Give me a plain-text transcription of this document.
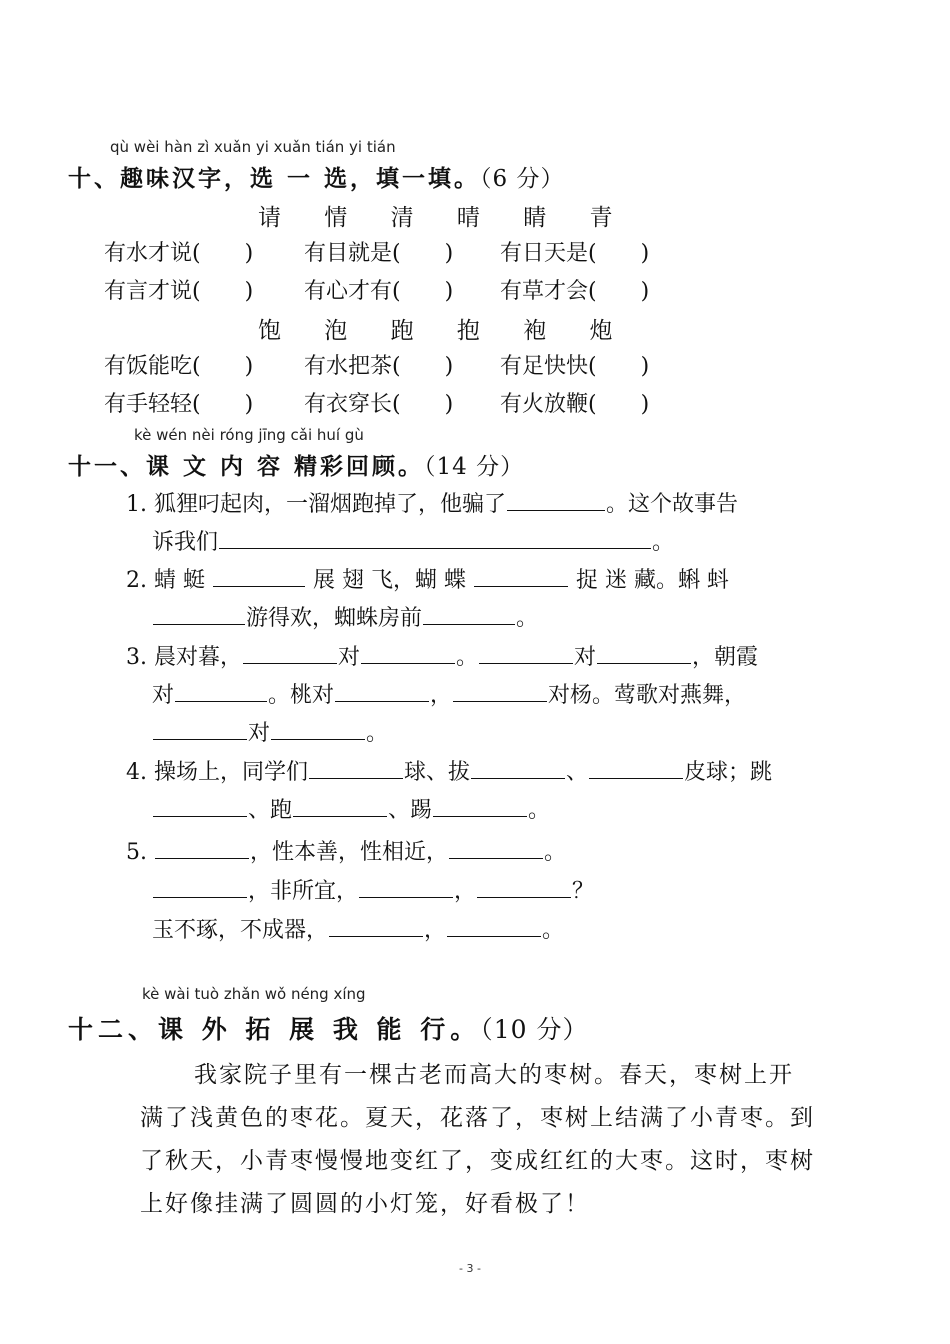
qù wèi hàn zì xuǎn yi xuǎn tián yi tián
十、趣味汉字，选 一 选，填一填。（6 分）
请 情 清 晴 睛 青
有水才说(　　) 有目就是(　　) 有日天是(　　)
有言才说(　　) 有心才有(　　) 有草才会(　　)
饱 泡 跑 抱 袍 炮
有饭能吃(　　) 有水把茶(　　) 有足快快(　　)
有手轻轻(　　) 有衣穿长(　　) 有火放鞭(　　)
kè wén nèi róng jīng cǎi huí gù
十一、课 文 内 容 精彩回顾。（14 分）
1. 狐狸叼起肉，一溜烟跑掉了，他骗了	。这个故事告
诉我们	。
2. 蜻 蜓	展 翅 飞，蝴 蝶	捉 迷 藏。蝌 蚪
游得欢，蜘蛛房前	。
3. 晨对暮，	对	。	对	，朝霞
对	。桃对	，	对杨。莺歌对燕舞，
对	。
4. 操场上，同学们	球、拔	、	皮球；跳
、跑	、踢	。
5.	，性本善，性相近，	。
，非所宜，	，	？
玉不琢，不成器，	，	。
kè wài tuò zhǎn wǒ néng xíng
十二、课 外 拓 展 我 能 行。（10 分）
我家院子里有一棵古老而高大的枣树。春天，枣树上开
满了浅黄色的枣花。夏天，花落了，枣树上结满了小青枣。到
了秋天，小青枣慢慢地变红了，变成红红的大枣。这时，枣树
上好像挂满了圆圆的小灯笼，好看极了！
- 3 -
